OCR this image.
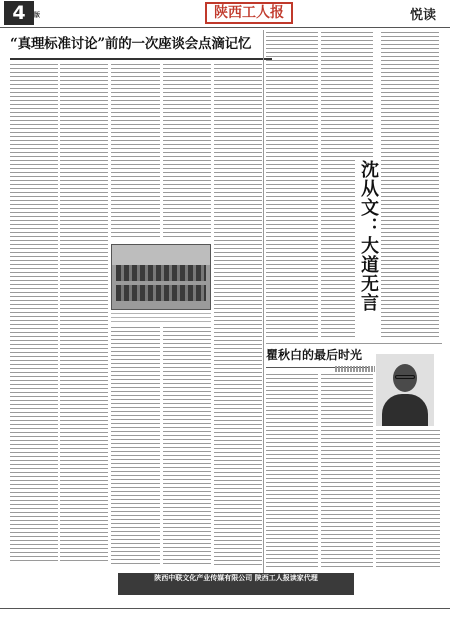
4	版	陕西工人报	悦读
“真理标准讨论”前的一次座谈会点滴记忆
沈从文：大道无言
瞿秋白的最后时光
陕西中联文化产业传媒有限公司 陕西工人报读家代理
